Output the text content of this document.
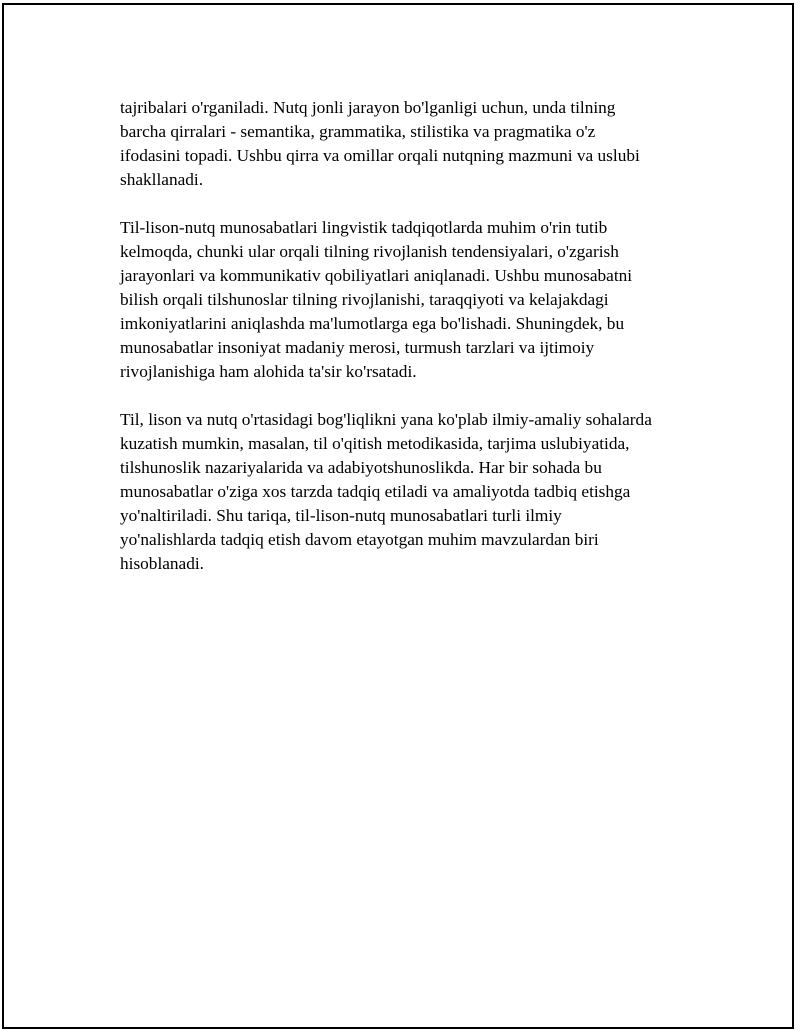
tajribalari o'rganiladi. Nutq jonli jarayon bo'lganligi uchun, unda tilning
barcha qirralari - semantika, grammatika, stilistika va pragmatika o'z
ifodasini topadi. Ushbu qirra va omillar orqali nutqning mazmuni va uslubi
shakllanadi.

Til-lison-nutq munosabatlari lingvistik tadqiqotlarda muhim o'rin tutib
kelmoqda, chunki ular orqali tilning rivojlanish tendensiyalari, o'zgarish
jarayonlari va kommunikativ qobiliyatlari aniqlanadi. Ushbu munosabatni
bilish orqali tilshunoslar tilning rivojlanishi, taraqqiyoti va kelajakdagi
imkoniyatlarini aniqlashda ma'lumotlarga ega bo'lishadi. Shuningdek, bu
munosabatlar insoniyat madaniy merosi, turmush tarzlari va ijtimoiy
rivojlanishiga ham alohida ta'sir ko'rsatadi.

Til, lison va nutq o'rtasidagi bog'liqlikni yana ko'plab ilmiy-amaliy sohalarda
kuzatish mumkin, masalan, til o'qitish metodikasida, tarjima uslubiyatida,
tilshunoslik nazariyalarida va adabiyotshunoslikda. Har bir sohada bu
munosabatlar o'ziga xos tarzda tadqiq etiladi va amaliyotda tadbiq etishga
yo'naltiriladi. Shu tariqa, til-lison-nutq munosabatlari turli ilmiy
yo'nalishlarda tadqiq etish davom etayotgan muhim mavzulardan biri
hisoblanadi.
